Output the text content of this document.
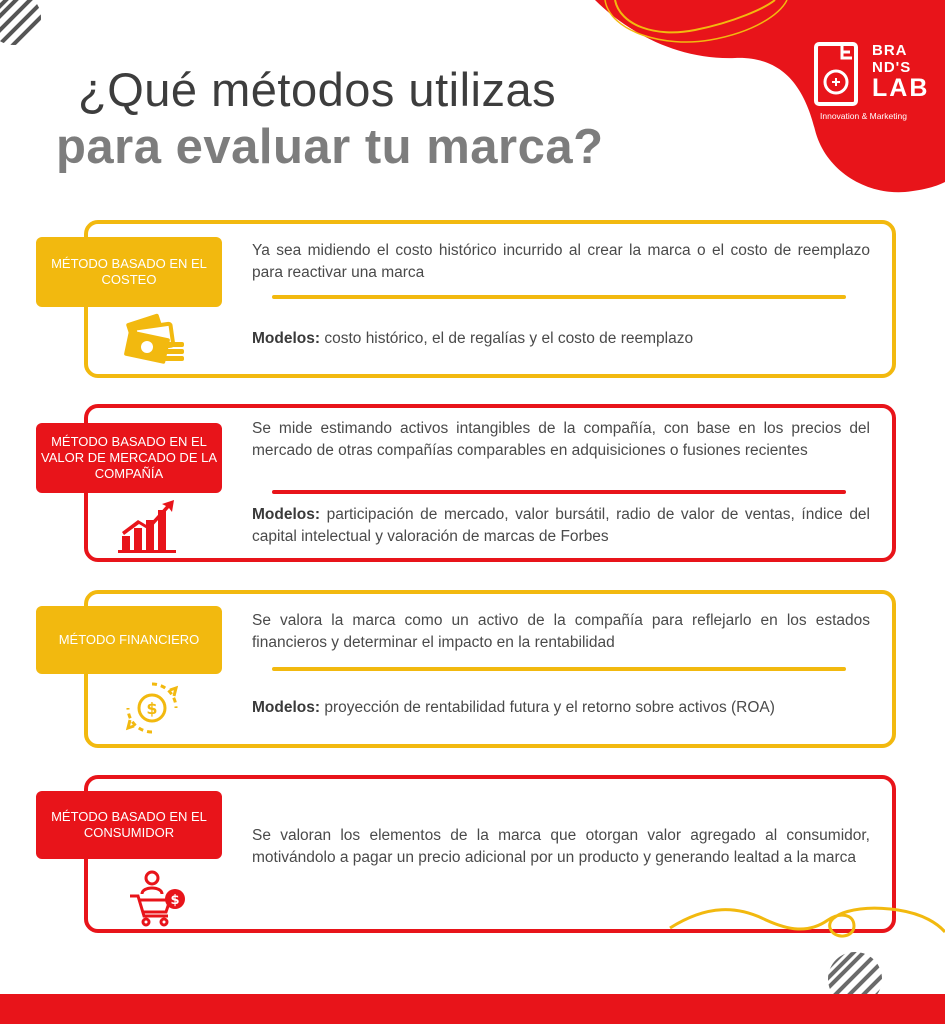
BRA
ND'S
LAB
Innovation & Marketing
¿Qué métodos utilizas
para evaluar tu marca?
MÉTODO BASADO EN EL COSTEO
Ya sea midiendo el costo histórico incurrido al crear la marca o el costo de reemplazo para reactivar una marca
Modelos: costo histórico, el de regalías y el costo de reemplazo
MÉTODO BASADO EN EL VALOR DE MERCADO DE LA COMPAÑÍA
Se mide estimando activos intangibles de la compañía, con base en los precios del mercado de otras compañías comparables en adquisiciones o fusiones recientes
Modelos: participación de mercado, valor bursátil, radio de valor de ventas, índice del capital intelectual y valoración de marcas de Forbes
MÉTODO FINANCIERO
$
Se valora la marca como un activo de la compañía para reflejarlo en los estados financieros y determinar el impacto en la rentabilidad
Modelos: proyección de rentabilidad futura y el retorno sobre activos (ROA)
MÉTODO BASADO EN EL CONSUMIDOR
$
Se valoran los elementos de la marca que otorgan valor agregado al consumidor, motivándolo a pagar un precio adicional por un producto y generando lealtad a la marca
